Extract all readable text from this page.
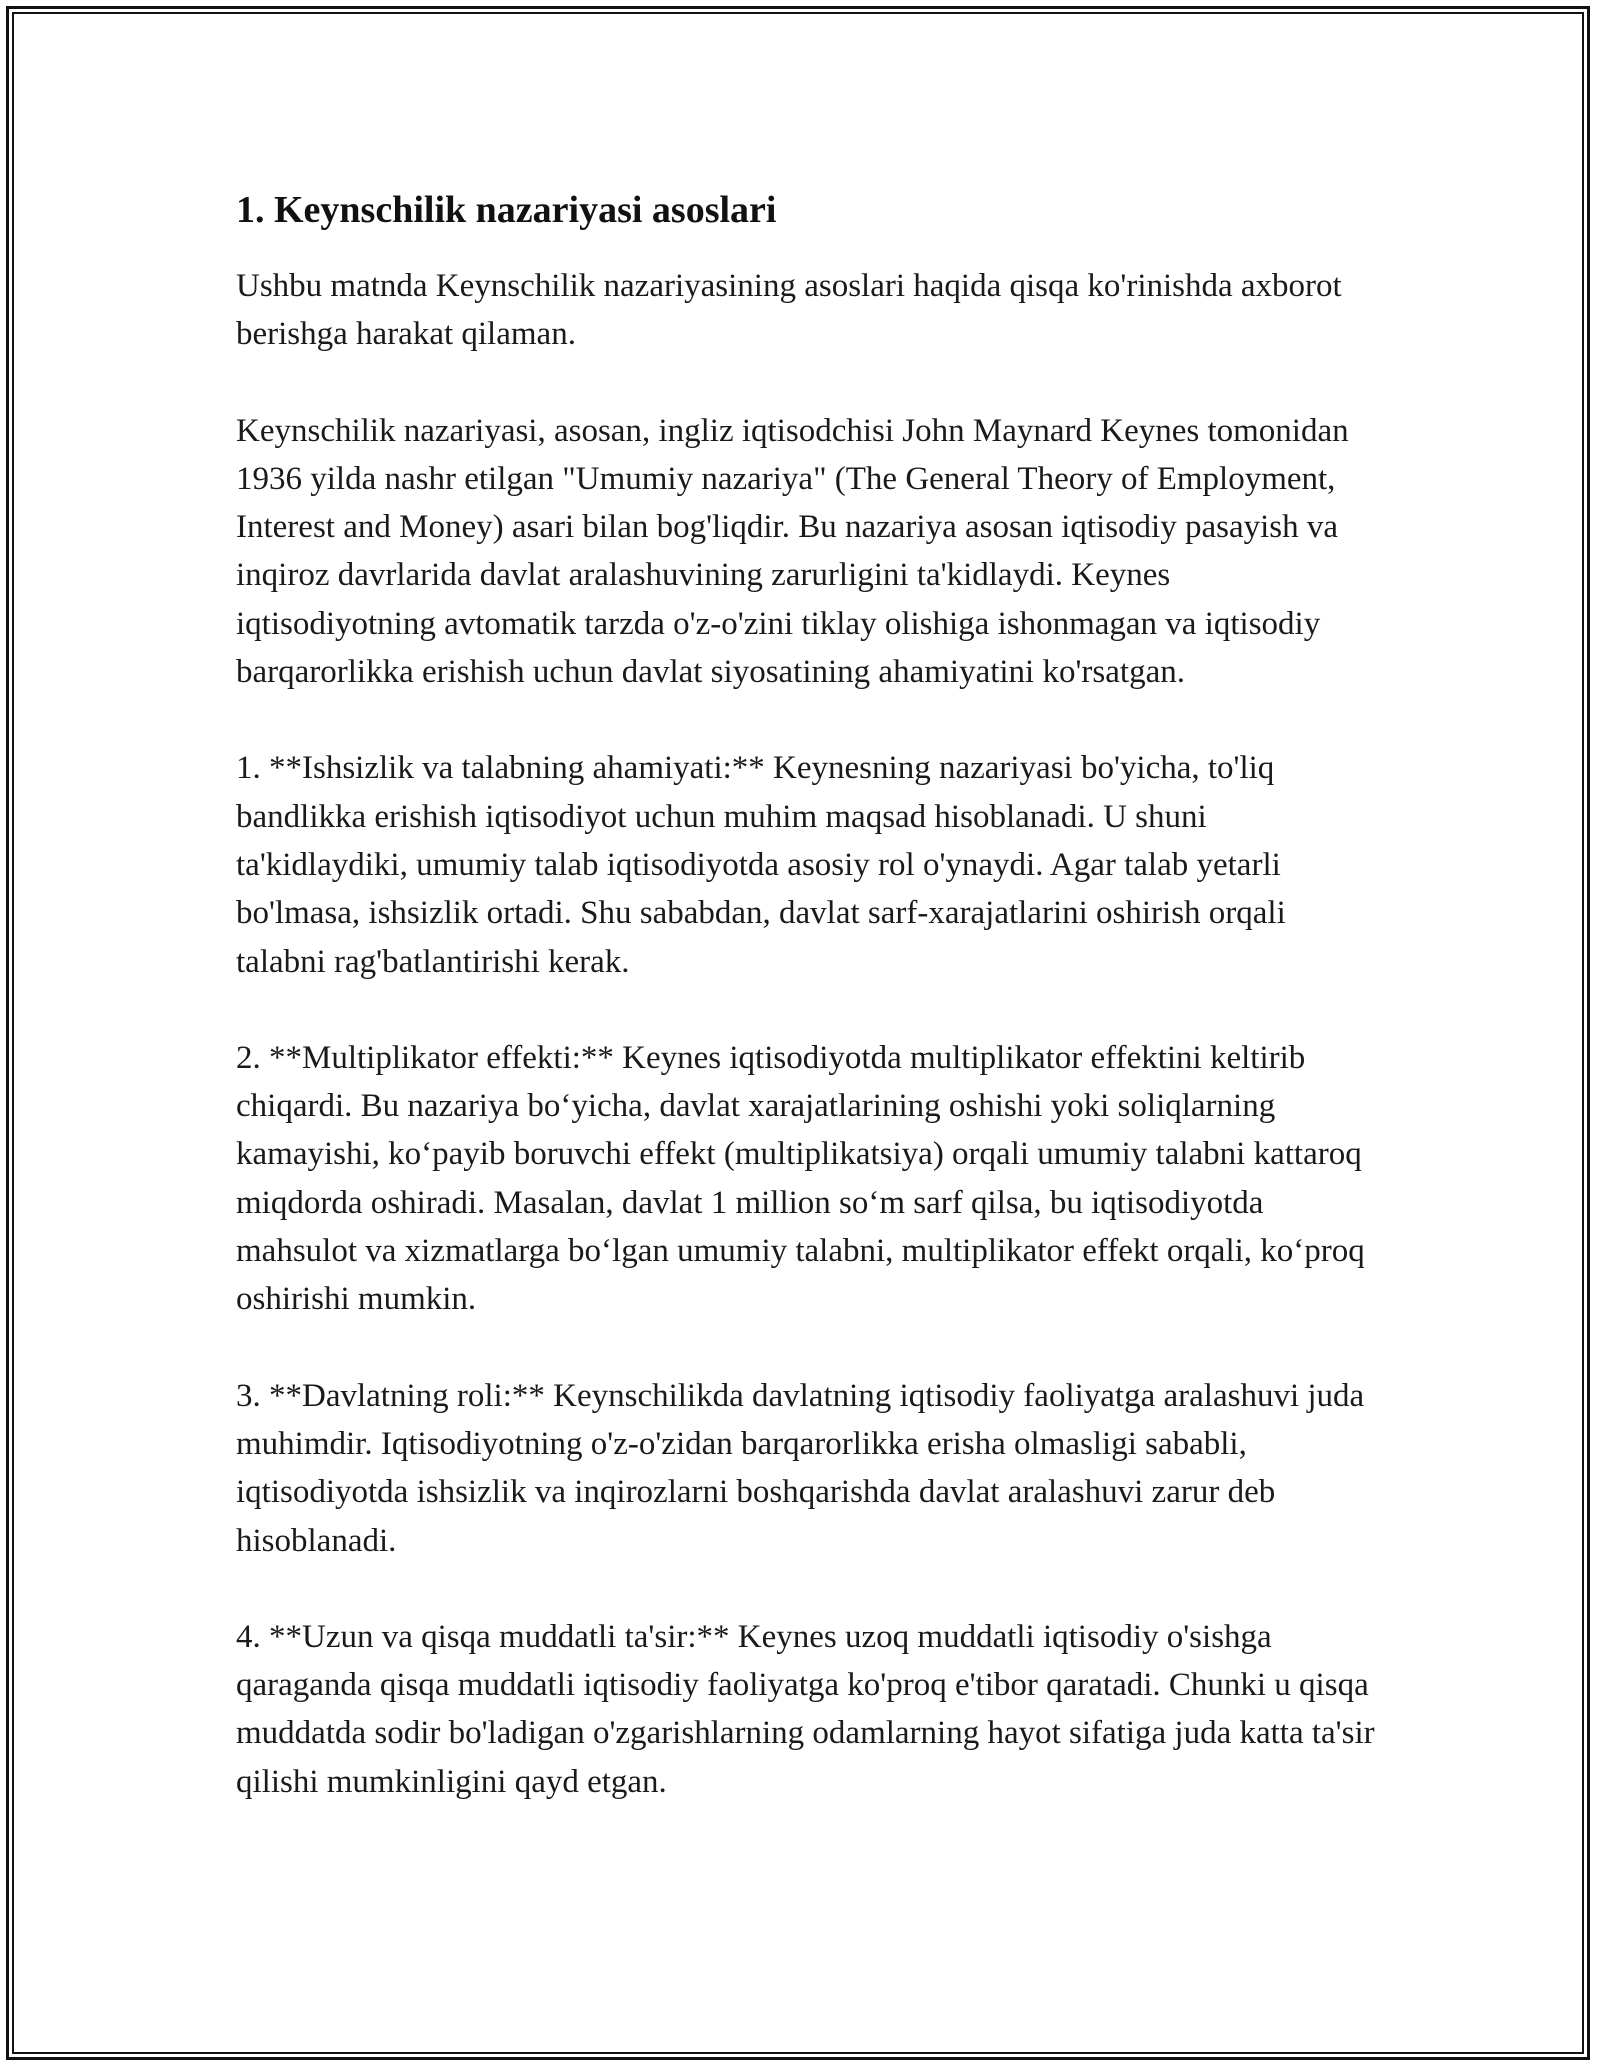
1. Keynschilik nazariyasi asoslari

Ushbu matnda Keynschilik nazariyasining asoslari haqida qisqa ko'rinishda axborot berishga harakat qilaman.

Keynschilik nazariyasi, asosan, ingliz iqtisodchisi John Maynard Keynes tomonidan 1936 yilda nashr etilgan "Umumiy nazariya" (The General Theory of Employment, Interest and Money) asari bilan bog'liqdir. Bu nazariya asosan iqtisodiy pasayish va inqiroz davrlarida davlat aralashuvining zarurligini ta'kidlaydi. Keynes iqtisodiyotning avtomatik tarzda o'z-o'zini tiklay olishiga ishonmagan va iqtisodiy barqarorlikka erishish uchun davlat siyosatining ahamiyatini ko'rsatgan.

1. **Ishsizlik va talabning ahamiyati:** Keynesning nazariyasi bo'yicha, to'liq bandlikka erishish iqtisodiyot uchun muhim maqsad hisoblanadi. U shuni ta'kidlaydiki, umumiy talab iqtisodiyotda asosiy rol o'ynaydi. Agar talab yetarli bo'lmasa, ishsizlik ortadi. Shu sababdan, davlat sarf-xarajatlarini oshirish orqali talabni rag'batlantirishi kerak.

2. **Multiplikator effekti:** Keynes iqtisodiyotda multiplikator effektini keltirib chiqardi. Bu nazariya bo‘yicha, davlat xarajatlarining oshishi yoki soliqlarning kamayishi, ko‘payib boruvchi effekt (multiplikatsiya) orqali umumiy talabni kattaroq miqdorda oshiradi. Masalan, davlat 1 million so‘m sarf qilsa, bu iqtisodiyotda mahsulot va xizmatlarga bo‘lgan umumiy talabni, multiplikator effekt orqali, ko‘proq oshirishi mumkin.

3. **Davlatning roli:** Keynschilikda davlatning iqtisodiy faoliyatga aralashuvi juda muhimdir. Iqtisodiyotning o'z-o'zidan barqarorlikka erisha olmasligi sababli, iqtisodiyotda ishsizlik va inqirozlarni boshqarishda davlat aralashuvi zarur deb hisoblanadi.

4. **Uzun va qisqa muddatli ta'sir:** Keynes uzoq muddatli iqtisodiy o'sishga qaraganda qisqa muddatli iqtisodiy faoliyatga ko'proq e'tibor qaratadi. Chunki u qisqa muddatda sodir bo'ladigan o'zgarishlarning odamlarning hayot sifatiga juda katta ta'sir qilishi mumkinligini qayd etgan.
